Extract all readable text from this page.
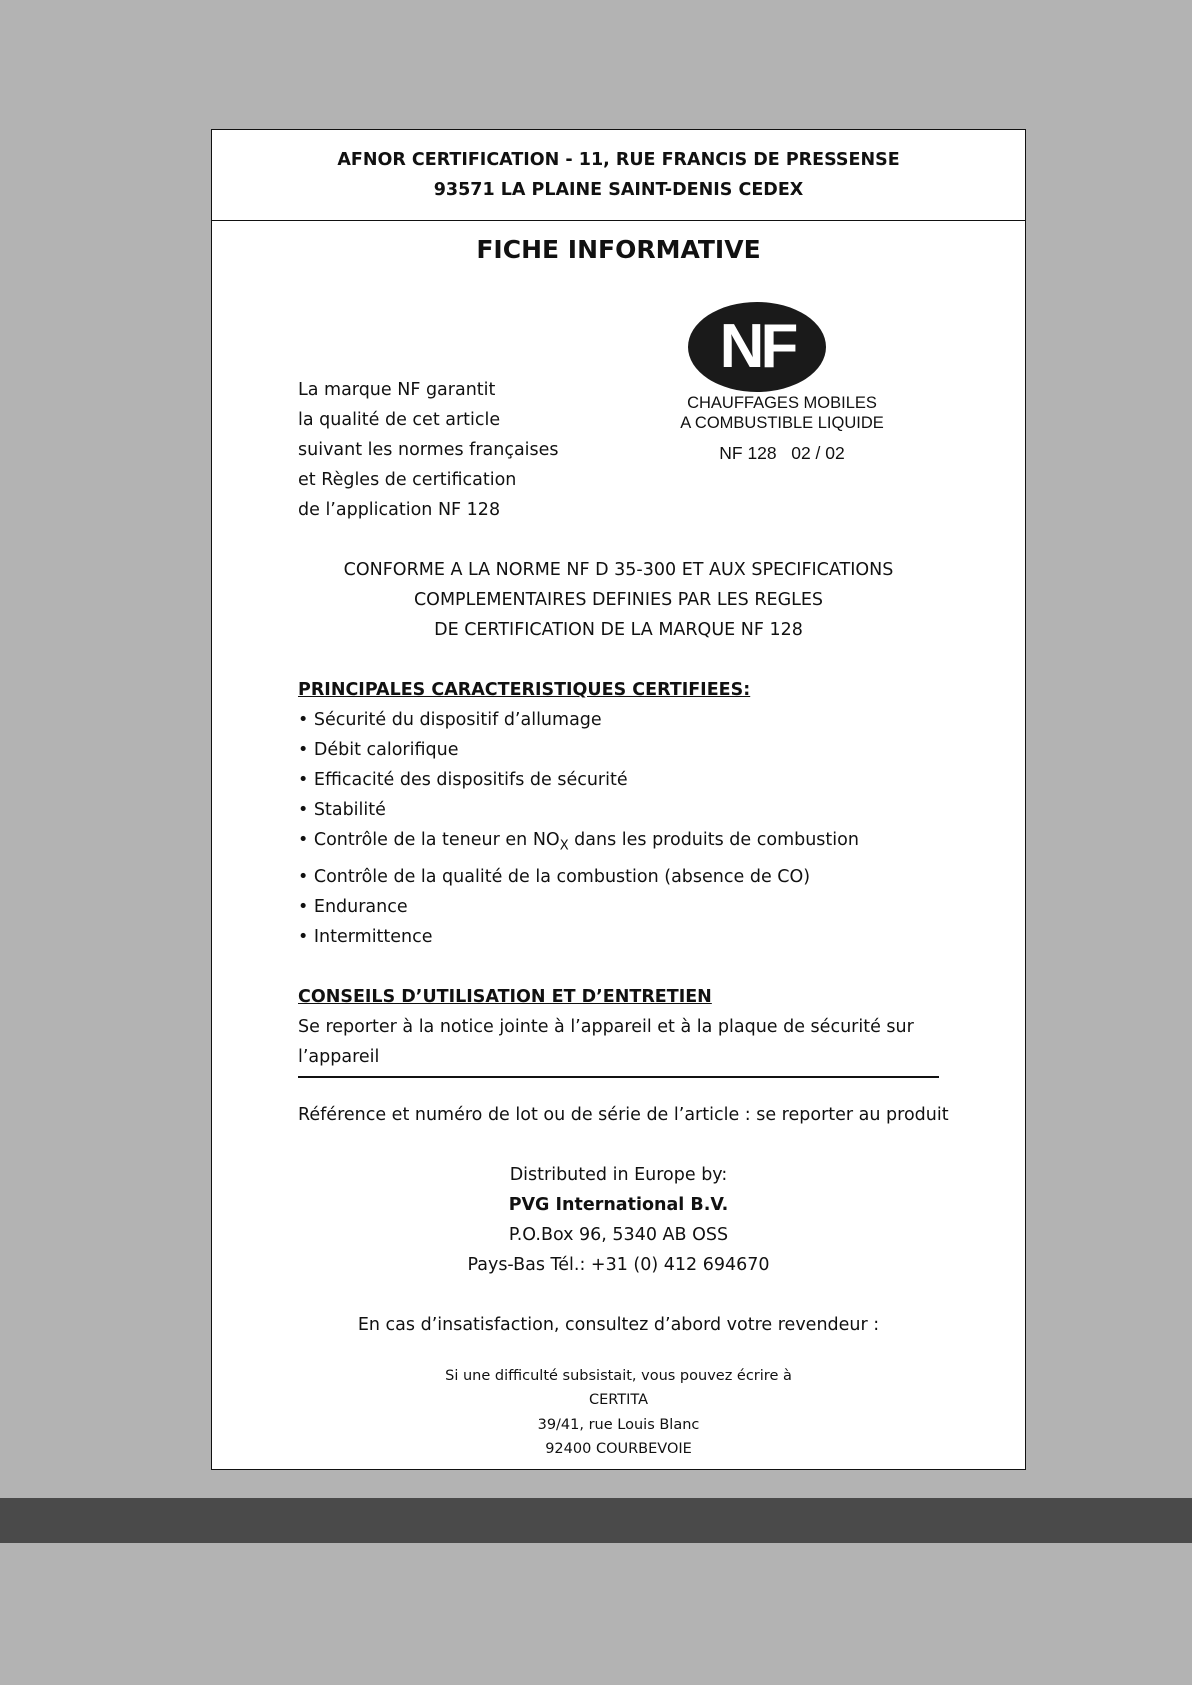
AFNOR CERTIFICATION - 11, RUE FRANCIS DE PRESSENSE
93571 LA PLAINE SAINT-DENIS CEDEX
FICHE INFORMATIVE
La marque NF garantit
la qualité de cet article
suivant les normes françaises
et Règles de certification
de l’application NF 128
NF
CHAUFFAGES MOBILES
A COMBUSTIBLE LIQUIDE
NF 128   02 / 02
CONFORME A LA NORME NF D 35-300 ET AUX SPECIFICATIONS
COMPLEMENTAIRES DEFINIES PAR LES REGLES
DE CERTIFICATION DE LA MARQUE NF 128
PRINCIPALES CARACTERISTIQUES CERTIFIEES:
• Sécurité du dispositif d’allumage
• Débit calorifique
• Efficacité des dispositifs de sécurité
• Stabilité
• Contrôle de la teneur en $NO_X$ dans les produits de combustion
• Contrôle de la qualité de la combustion (absence de CO)
• Endurance
• Intermittence
CONSEILS D’UTILISATION ET D’ENTRETIEN
Se reporter à la notice jointe à l’appareil et à la plaque de sécurité sur
l’appareil
Référence et numéro de lot ou de série de l’article : se reporter au produit
Distributed in Europe by:
PVG International B.V.
P.O.Box 96, 5340 AB OSS
Pays-Bas Tél.: +31 (0) 412 694670
En cas d’insatisfaction, consultez d’abord votre revendeur :
Si une difficulté subsistait, vous pouvez écrire à
CERTITA
39/41, rue Louis Blanc
92400 COURBEVOIE
